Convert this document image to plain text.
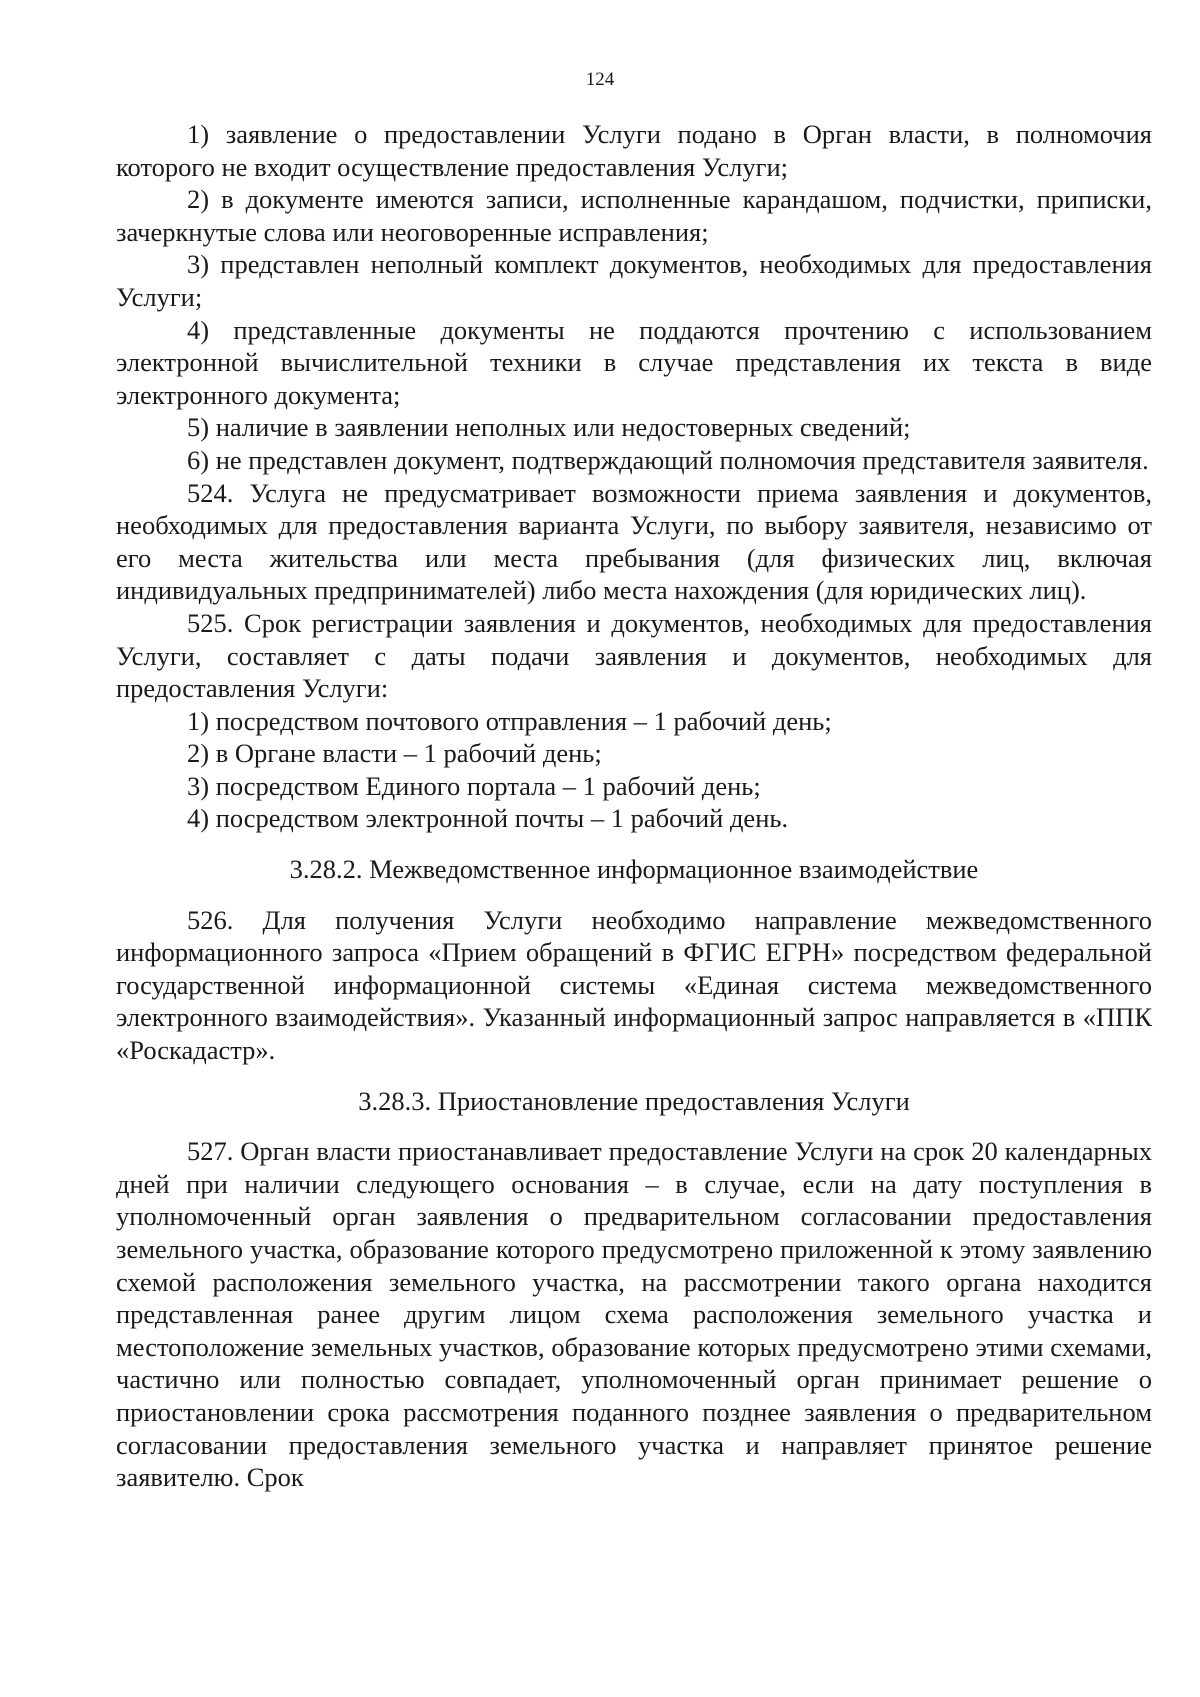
124

1) заявление о предоставлении Услуги подано в Орган власти, в полномочия которого не входит осуществление предоставления Услуги;

2) в документе имеются записи, исполненные карандашом, подчистки, приписки, зачеркнутые слова или неоговоренные исправления;

3) представлен неполный комплект документов, необходимых для предоставления Услуги;

4) представленные документы не поддаются прочтению с использованием электронной вычислительной техники в случае представления их текста в виде электронного документа;

5) наличие в заявлении неполных или недостоверных сведений;

6) не представлен документ, подтверждающий полномочия представителя заявителя.

524. Услуга не предусматривает возможности приема заявления и документов, необходимых для предоставления варианта Услуги, по выбору заявителя, независимо от его места жительства или места пребывания (для физических лиц, включая индивидуальных предпринимателей) либо места нахождения (для юридических лиц).

525. Срок регистрации заявления и документов, необходимых для предоставления Услуги, составляет с даты подачи заявления и документов, необходимых для предоставления Услуги:

1) посредством почтового отправления – 1 рабочий день;

2) в Органе власти – 1 рабочий день;

3) посредством Единого портала – 1 рабочий день;

4) посредством электронной почты – 1 рабочий день.

3.28.2. Межведомственное информационное взаимодействие

526. Для получения Услуги необходимо направление межведомственного информационного запроса «Прием обращений в ФГИС ЕГРН» посредством федеральной государственной информационной системы «Единая система межведомственного электронного взаимодействия». Указанный информационный запрос направляется в «ППК «Роскадастр».

3.28.3. Приостановление предоставления Услуги

527. Орган власти приостанавливает предоставление Услуги на срок 20 календарных дней при наличии следующего основания – в случае, если на дату поступления в уполномоченный орган заявления о предварительном согласовании предоставления земельного участка, образование которого предусмотрено приложенной к этому заявлению схемой расположения земельного участка, на рассмотрении такого органа находится представленная ранее другим лицом схема расположения земельного участка и местоположение земельных участков, образование которых предусмотрено этими схемами, частично или полностью совпадает, уполномоченный орган принимает решение о приостановлении срока рассмотрения поданного позднее заявления о предварительном согласовании предоставления земельного участка и направляет принятое решение заявителю. Срок
